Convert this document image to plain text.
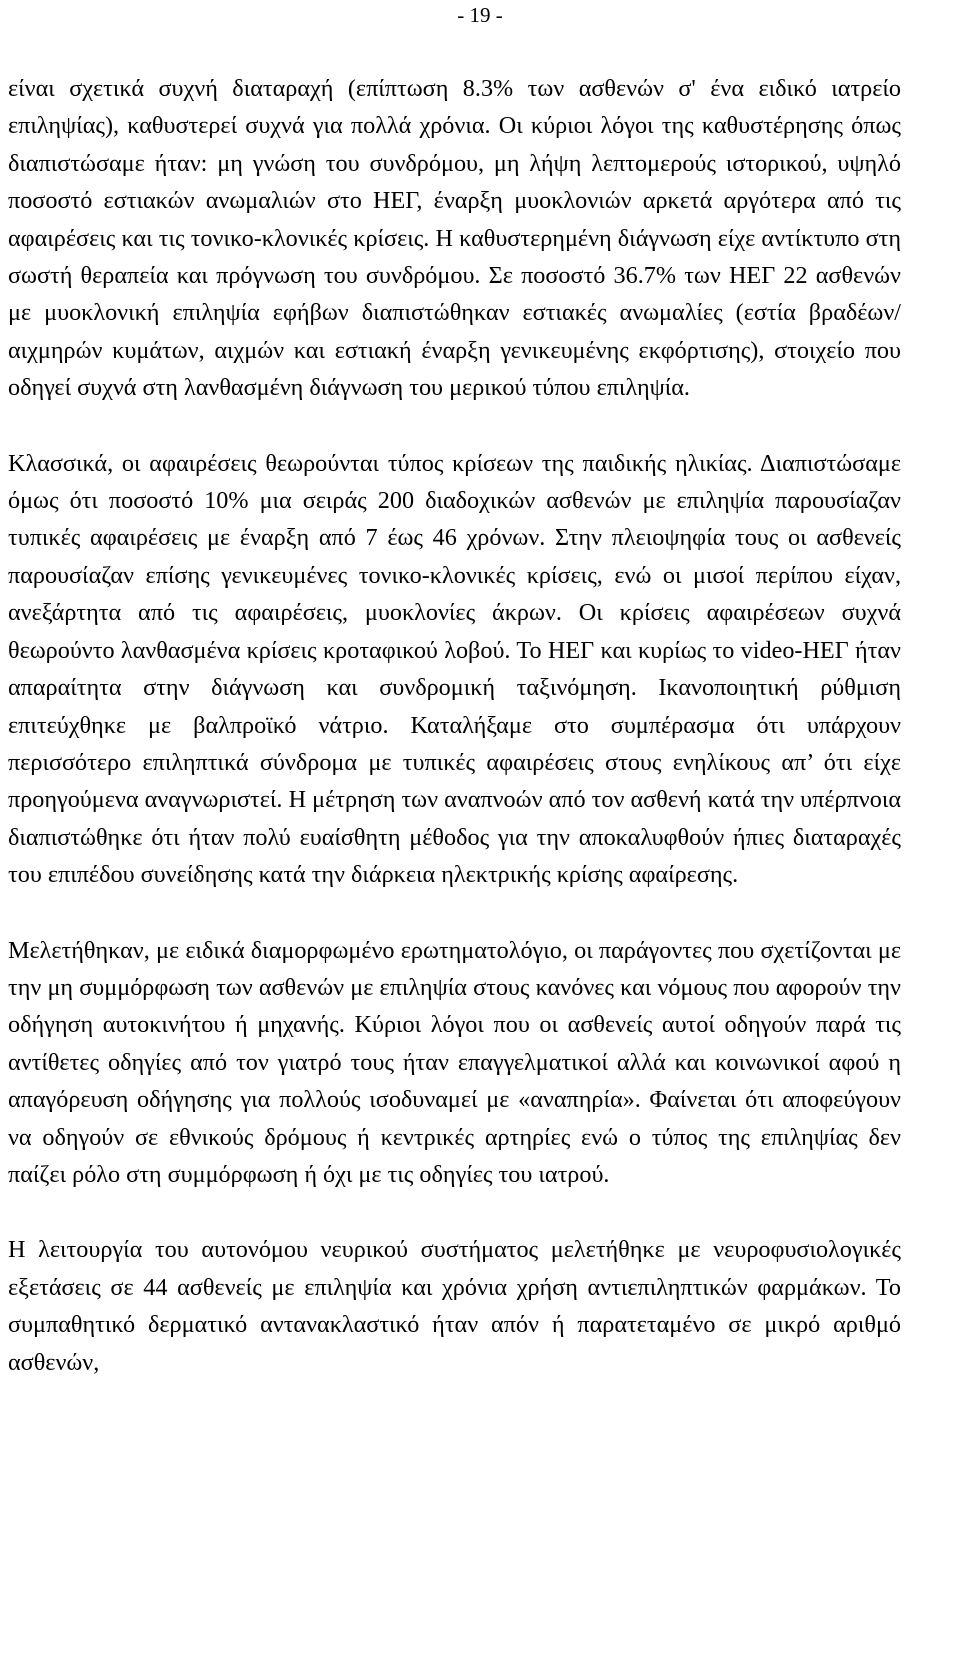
- 19 -

είναι σχετικά συχνή διαταραχή (επίπτωση 8.3% των ασθενών σ' ένα ειδικό ιατρείο επιληψίας), καθυστερεί συχνά για πολλά χρόνια. Οι κύριοι λόγοι της καθυστέρησης όπως διαπιστώσαμε ήταν: μη γνώση του συνδρόμου, μη λήψη λεπτομερούς ιστορικού, υψηλό ποσοστό εστιακών ανωμαλιών στο ΗΕΓ, έναρξη μυοκλονιών αρκετά αργότερα από τις αφαιρέσεις και τις τονικο-κλονικές κρίσεις. Η καθυστερημένη διάγνωση είχε αντίκτυπο στη σωστή θεραπεία και πρόγνωση του συνδρόμου. Σε ποσοστό 36.7% των ΗΕΓ 22 ασθενών με μυοκλονική επιληψία εφήβων διαπιστώθηκαν εστιακές ανωμαλίες (εστία βραδέων/αιχμηρών κυμάτων, αιχμών και εστιακή έναρξη γενικευμένης εκφόρτισης), στοιχείο που οδηγεί συχνά στη λανθασμένη διάγνωση του μερικού τύπου επιληψία.

Κλασσικά, οι αφαιρέσεις θεωρούνται τύπος κρίσεων της παιδικής ηλικίας. Διαπιστώσαμε όμως ότι ποσοστό 10% μια σειράς 200 διαδοχικών ασθενών με επιληψία παρουσίαζαν τυπικές αφαιρέσεις με έναρξη από 7 έως 46 χρόνων. Στην πλειοψηφία τους οι ασθενείς παρουσίαζαν επίσης γενικευμένες τονικο-κλονικές κρίσεις, ενώ οι μισοί περίπου είχαν, ανεξάρτητα από τις αφαιρέσεις, μυοκλονίες άκρων. Οι κρίσεις αφαιρέσεων συχνά θεωρούντο λανθασμένα κρίσεις κροταφικού λοβού. Το ΗΕΓ και κυρίως το video-ΗΕΓ ήταν απαραίτητα στην διάγνωση και συνδρομική ταξινόμηση. Ικανοποιητική ρύθμιση επιτεύχθηκε με βαλπροϊκό νάτριο. Καταλήξαμε στο συμπέρασμα ότι υπάρχουν περισσότερο επιληπτικά σύνδρομα με τυπικές αφαιρέσεις στους ενηλίκους απ’ ότι είχε προηγούμενα αναγνωριστεί. Η μέτρηση των αναπνοών από τον ασθενή κατά την υπέρπνοια διαπιστώθηκε ότι ήταν πολύ ευαίσθητη μέθοδος για την αποκαλυφθούν ήπιες διαταραχές του επιπέδου συνείδησης κατά την διάρκεια ηλεκτρικής κρίσης αφαίρεσης.

Μελετήθηκαν, με ειδικά διαμορφωμένο ερωτηματολόγιο, οι παράγοντες που σχετίζονται με την μη συμμόρφωση των ασθενών με επιληψία στους κανόνες και νόμους που αφορούν την οδήγηση αυτοκινήτου ή μηχανής. Κύριοι λόγοι που οι ασθενείς αυτοί οδηγούν παρά τις αντίθετες οδηγίες από τον γιατρό τους ήταν επαγγελματικοί αλλά και κοινωνικοί αφού η απαγόρευση οδήγησης για πολλούς ισοδυναμεί με «αναπηρία». Φαίνεται ότι αποφεύγουν να οδηγούν σε εθνικούς δρόμους ή κεντρικές αρτηρίες ενώ ο τύπος της επιληψίας δεν παίζει ρόλο στη συμμόρφωση ή όχι με τις οδηγίες του ιατρού.

Η λειτουργία του αυτονόμου νευρικού συστήματος μελετήθηκε με νευροφυσιολογικές εξετάσεις σε 44 ασθενείς με επιληψία και χρόνια χρήση αντιεπιληπτικών φαρμάκων. Το συμπαθητικό δερματικό αντανακλαστικό ήταν απόν ή παρατεταμένο σε μικρό αριθμό ασθενών,
